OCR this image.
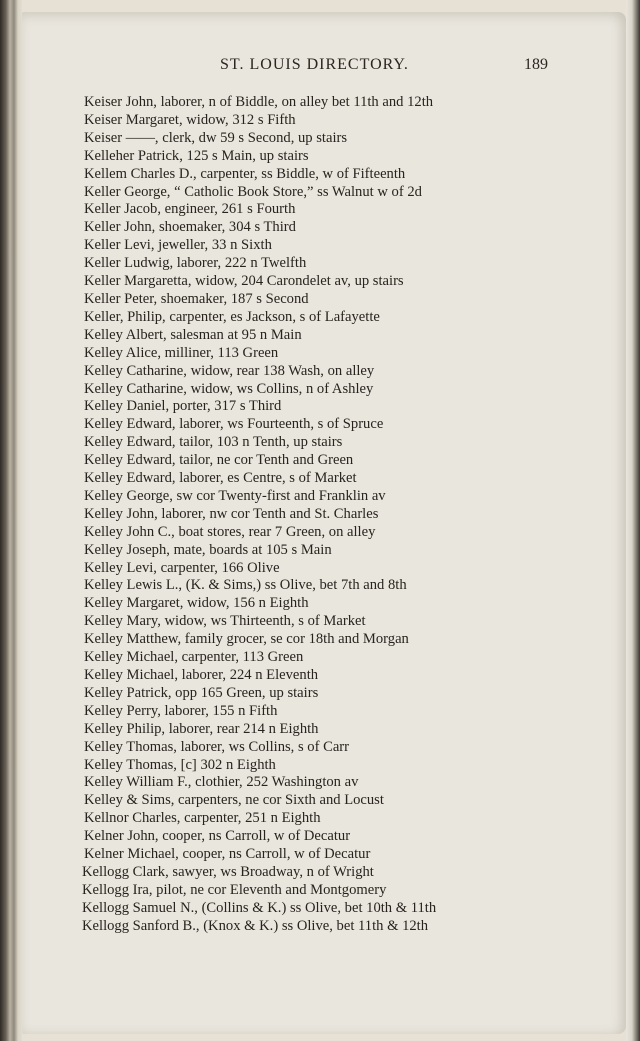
ST. LOUIS DIRECTORY.	189

Keiser John, laborer, n of Biddle, on alley bet 11th and 12th

Keiser Margaret, widow, 312 s Fifth

Keiser ——, clerk, dw 59 s Second, up stairs

Kelleher Patrick, 125 s Main, up stairs

Kellem Charles D., carpenter, ss Biddle, w of Fifteenth

Keller George, “ Catholic Book Store,” ss Walnut w of 2d

Keller Jacob, engineer, 261 s Fourth

Keller John, shoemaker, 304 s Third

Keller Levi, jeweller, 33 n Sixth

Keller Ludwig, laborer, 222 n Twelfth

Keller Margaretta, widow, 204 Carondelet av, up stairs

Keller Peter, shoemaker, 187 s Second

Keller, Philip, carpenter, es Jackson, s of Lafayette

Kelley Albert, salesman at 95 n Main

Kelley Alice, milliner, 113 Green

Kelley Catharine, widow, rear 138 Wash, on alley

Kelley Catharine, widow, ws Collins, n of Ashley

Kelley Daniel, porter, 317 s Third

Kelley Edward, laborer, ws Fourteenth, s of Spruce

Kelley Edward, tailor, 103 n Tenth, up stairs

Kelley Edward, tailor, ne cor Tenth and Green

Kelley Edward, laborer, es Centre, s of Market

Kelley George, sw cor Twenty-first and Franklin av

Kelley John, laborer, nw cor Tenth and St. Charles

Kelley John C., boat stores, rear 7 Green, on alley

Kelley Joseph, mate, boards at 105 s Main

Kelley Levi, carpenter, 166 Olive

Kelley Lewis L., (K. & Sims,) ss Olive, bet 7th and 8th

Kelley Margaret, widow, 156 n Eighth

Kelley Mary, widow, ws Thirteenth, s of Market

Kelley Matthew, family grocer, se cor 18th and Morgan

Kelley Michael, carpenter, 113 Green

Kelley Michael, laborer, 224 n Eleventh

Kelley Patrick, opp 165 Green, up stairs

Kelley Perry, laborer, 155 n Fifth

Kelley Philip, laborer, rear 214 n Eighth

Kelley Thomas, laborer, ws Collins, s of Carr

Kelley Thomas, [c] 302 n Eighth

Kelley William F., clothier, 252 Washington av

Kelley & Sims, carpenters, ne cor Sixth and Locust

Kellnor Charles, carpenter, 251 n Eighth

Kelner John, cooper, ns Carroll, w of Decatur

Kelner Michael, cooper, ns Carroll, w of Decatur

Kellogg Clark, sawyer, ws Broadway, n of Wright

Kellogg Ira, pilot, ne cor Eleventh and Montgomery

Kellogg Samuel N., (Collins & K.) ss Olive, bet 10th & 11th

Kellogg Sanford B., (Knox & K.) ss Olive, bet 11th & 12th
